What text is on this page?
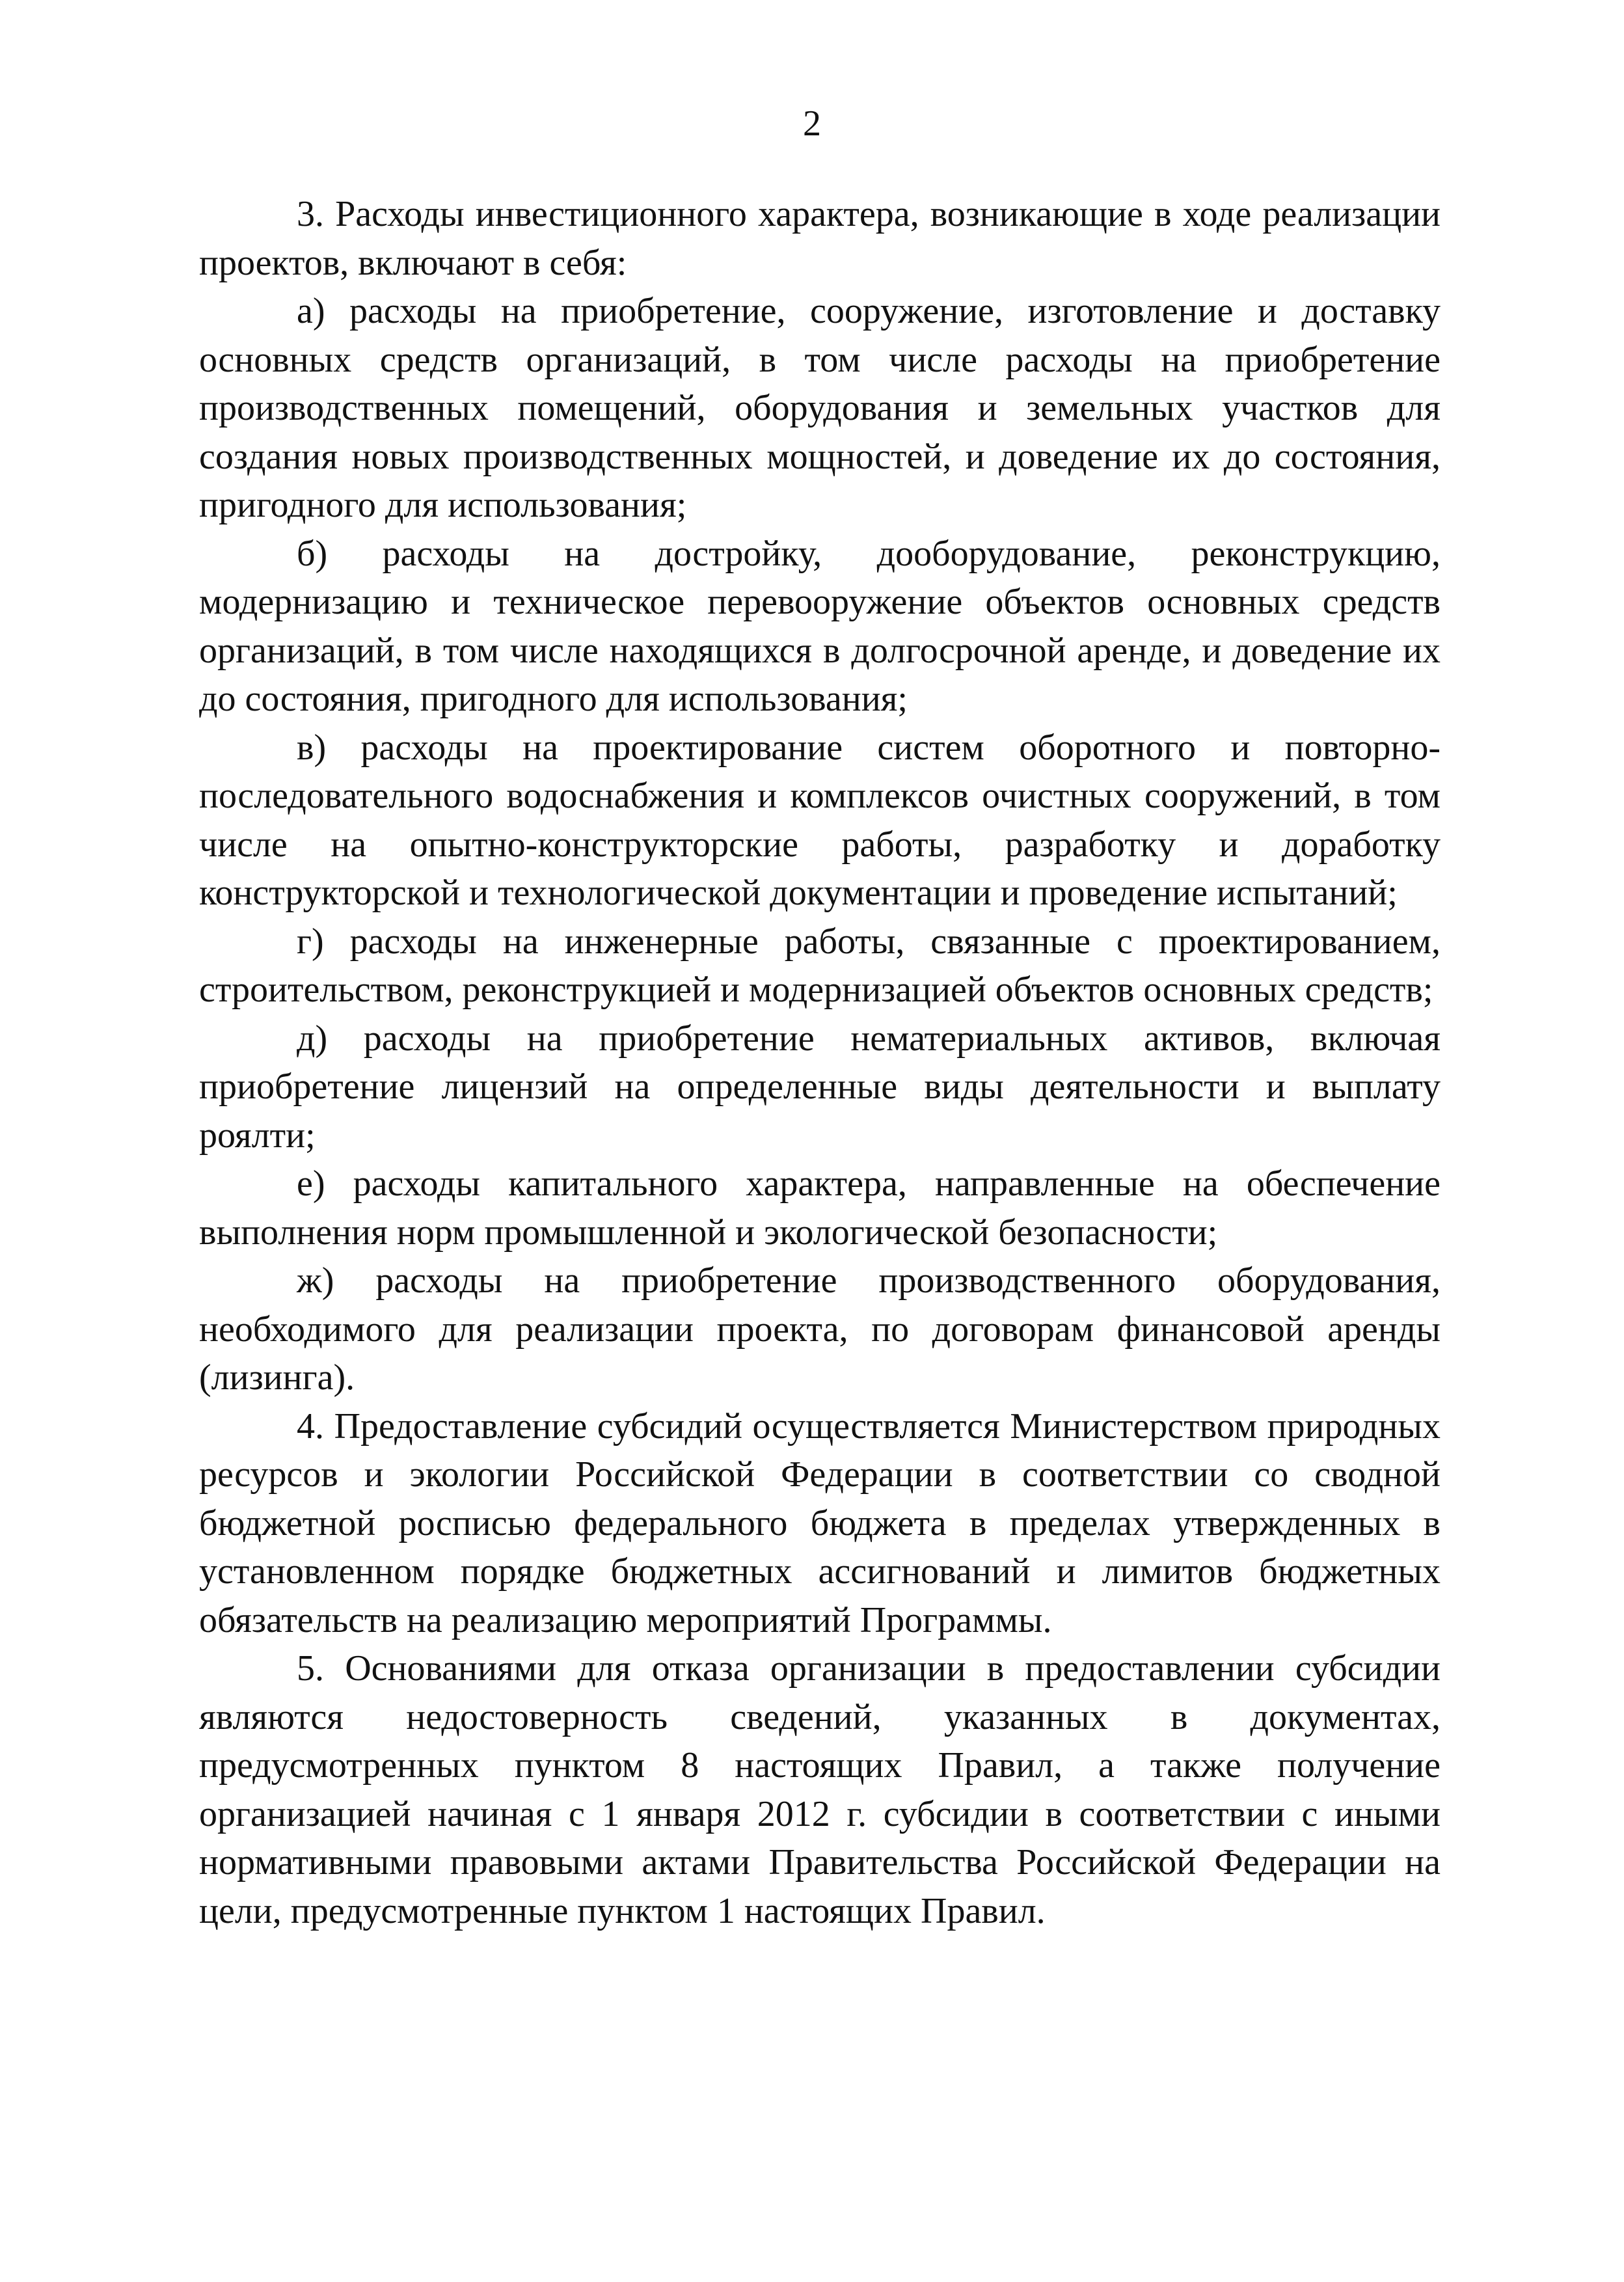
2

3. Расходы инвестиционного характера, возникающие в ходе реализации проектов, включают в себя:

а) расходы на приобретение, сооружение, изготовление и доставку основных средств организаций, в том числе расходы на приобретение производственных помещений, оборудования и земельных участков для создания новых производственных мощностей, и доведение их до состояния, пригодного для использования;

б) расходы на достройку, дооборудование, реконструкцию, модернизацию и техническое перевооружение объектов основных средств организаций, в том числе находящихся в долгосрочной аренде, и доведение их до состояния, пригодного для использования;

в) расходы на проектирование систем оборотного и повторно-последовательного водоснабжения и комплексов очистных сооружений, в том числе на опытно-конструкторские работы, разработку и доработку конструкторской и технологической документации и проведение испытаний;

г) расходы на инженерные работы, связанные с проектированием, строительством, реконструкцией и модернизацией объектов основных средств;

д) расходы на приобретение нематериальных активов, включая приобретение лицензий на определенные виды деятельности и выплату роялти;

е) расходы капитального характера, направленные на обеспечение выполнения норм промышленной и экологической безопасности;

ж) расходы на приобретение производственного оборудования, необходимого для реализации проекта, по договорам финансовой аренды (лизинга).

4. Предоставление субсидий осуществляется Министерством природных ресурсов и экологии Российской Федерации в соответствии со сводной бюджетной росписью федерального бюджета в пределах утвержденных в установленном порядке бюджетных ассигнований и лимитов бюджетных обязательств на реализацию мероприятий Программы.

5. Основаниями для отказа организации в предоставлении субсидии являются недостоверность сведений, указанных в документах, предусмотренных пунктом 8 настоящих Правил, а также получение организацией начиная с 1 января 2012 г. субсидии в соответствии с иными нормативными правовыми актами Правительства Российской Федерации на цели, предусмотренные пунктом 1 настоящих Правил.
